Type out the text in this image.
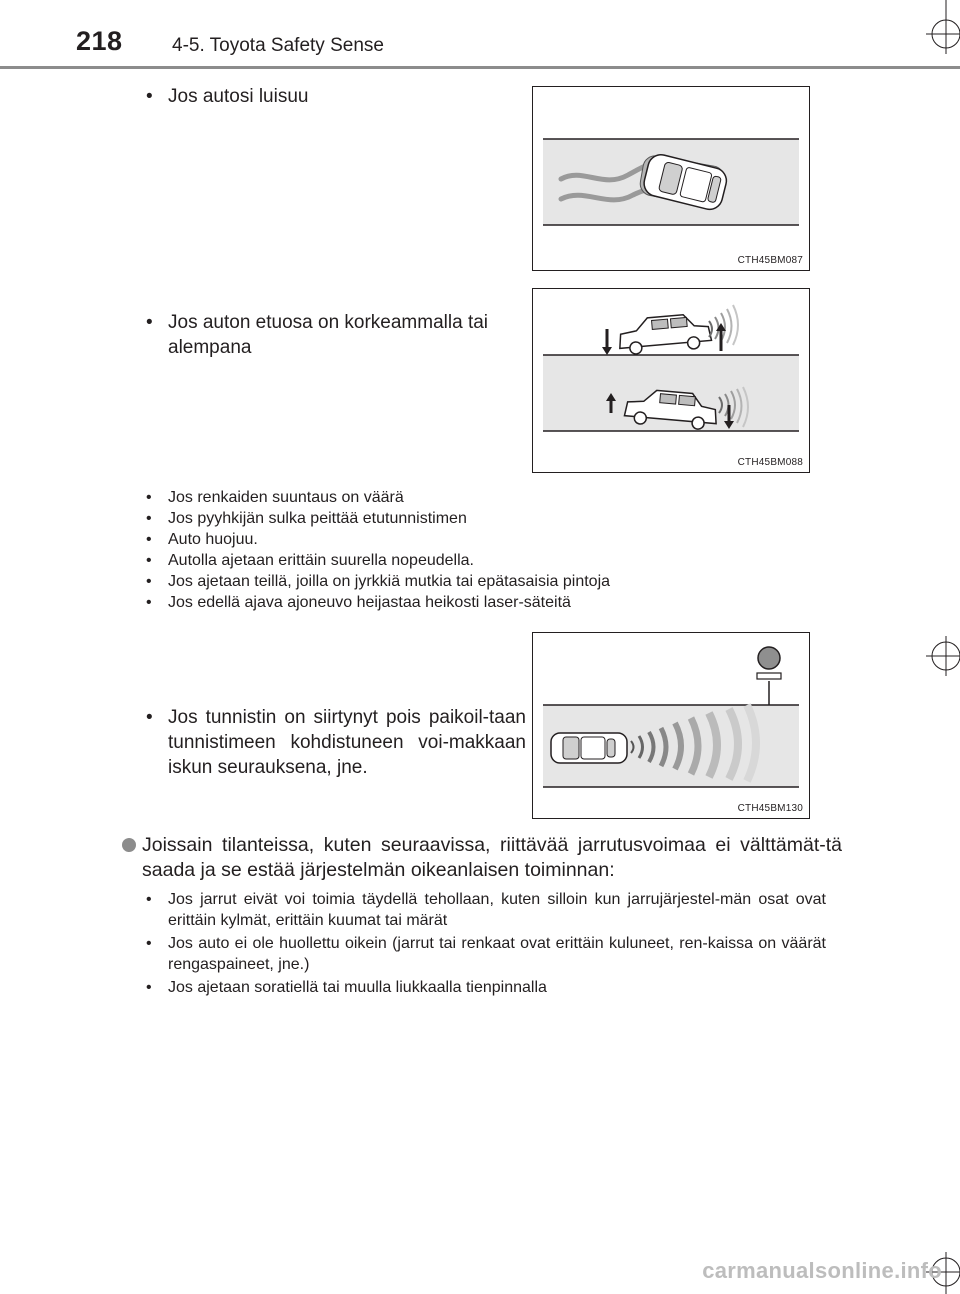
218	4-5. Toyota Safety Sense
• Jos autosi luisuu
CTH45BM087
• Jos auton etuosa on korkeammalla tai alempana
CTH45BM088
• Jos renkaiden suuntaus on väärä
• Jos pyyhkijän sulka peittää etutunnistimen
• Auto huojuu.
• Autolla ajetaan erittäin suurella nopeudella.
• Jos ajetaan teillä, joilla on jyrkkiä mutkia tai epätasaisia pintoja
• Jos edellä ajava ajoneuvo heijastaa heikosti laser-säteitä
• Jos tunnistin on siirtynyt pois paikoil-taan tunnistimeen kohdistuneen voi-makkaan iskun seurauksena, jne.
CTH45BM130
Joissain tilanteissa, kuten seuraavissa, riittävää jarrutusvoimaa ei välttämät-tä saada ja se estää järjestelmän oikeanlaisen toiminnan:
• Jos jarrut eivät voi toimia täydellä tehollaan, kuten silloin kun jarrujärjestel-män osat ovat erittäin kylmät, erittäin kuumat tai märät
• Jos auto ei ole huollettu oikein (jarrut tai renkaat ovat erittäin kuluneet, ren-kaissa on väärät rengaspaineet, jne.)
• Jos ajetaan soratiellä tai muulla liukkaalla tienpinnalla
carmanualsonline.info
